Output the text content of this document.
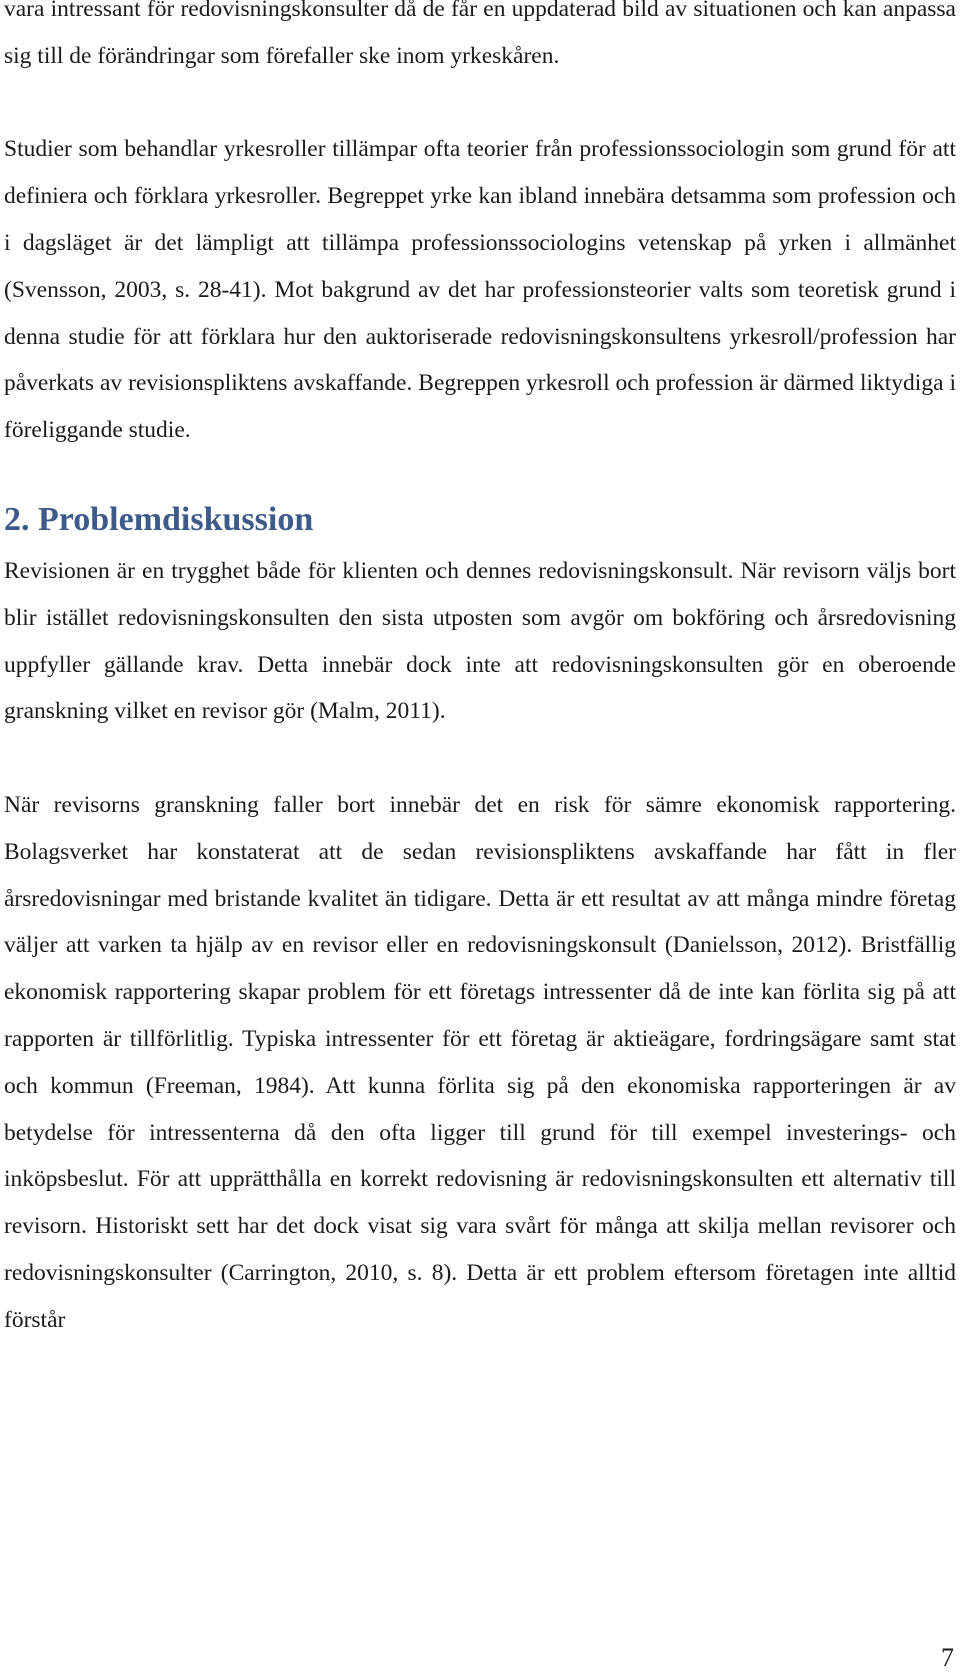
vara intressant för redovisningskonsulter då de får en uppdaterad bild av situationen och kan anpassa sig till de förändringar som förefaller ske inom yrkeskåren.

Studier som behandlar yrkesroller tillämpar ofta teorier från professionssociologin som grund för att definiera och förklara yrkesroller. Begreppet yrke kan ibland innebära detsamma som profession och i dagsläget är det lämpligt att tillämpa professionssociologins vetenskap på yrken i allmänhet (Svensson, 2003, s. 28-41). Mot bakgrund av det har professionsteorier valts som teoretisk grund i denna studie för att förklara hur den auktoriserade redovisningskonsultens yrkesroll/profession har påverkats av revisionspliktens avskaffande. Begreppen yrkesroll och profession är därmed liktydiga i föreliggande studie.

2. Problemdiskussion

Revisionen är en trygghet både för klienten och dennes redovisningskonsult. När revisorn väljs bort blir istället redovisningskonsulten den sista utposten som avgör om bokföring och årsredovisning uppfyller gällande krav. Detta innebär dock inte att redovisningskonsulten gör en oberoende granskning vilket en revisor gör (Malm, 2011).

När revisorns granskning faller bort innebär det en risk för sämre ekonomisk rapportering. Bolagsverket har konstaterat att de sedan revisionspliktens avskaffande har fått in fler årsredovisningar med bristande kvalitet än tidigare. Detta är ett resultat av att många mindre företag väljer att varken ta hjälp av en revisor eller en redovisningskonsult (Danielsson, 2012). Bristfällig ekonomisk rapportering skapar problem för ett företags intressenter då de inte kan förlita sig på att rapporten är tillförlitlig. Typiska intressenter för ett företag är aktieägare, fordringsägare samt stat och kommun (Freeman, 1984). Att kunna förlita sig på den ekonomiska rapporteringen är av betydelse för intressenterna då den ofta ligger till grund för till exempel investerings- och inköpsbeslut. För att upprätthålla en korrekt redovisning är redovisningskonsulten ett alternativ till revisorn. Historiskt sett har det dock visat sig vara svårt för många att skilja mellan revisorer och redovisningskonsulter (Carrington, 2010, s. 8). Detta är ett problem eftersom företagen inte alltid förstår

7
